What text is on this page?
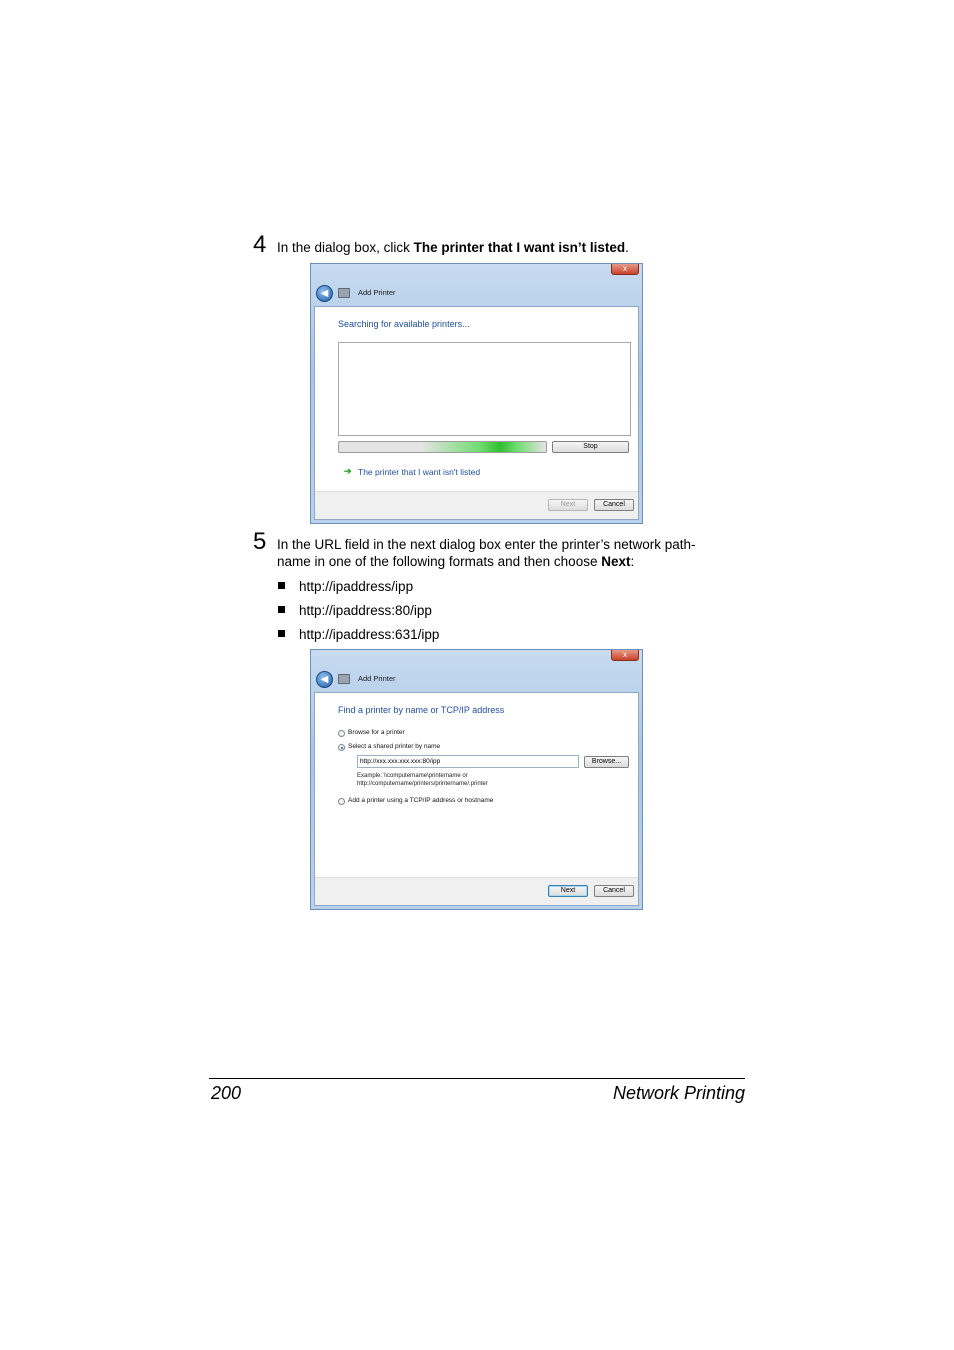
4 In the dialog box, click The printer that I want isn’t listed.
x
◀	Add Printer
Searching for available printers...
Stop
➔ The printer that I want isn't listed
Next	Cancel
5 In the URL field in the next dialog box enter the printer’s network path-
name in one of the following formats and then choose Next:
http://ipaddress/ipp
http://ipaddress:80/ipp
http://ipaddress:631/ipp
x
◀	Add Printer
Find a printer by name or TCP/IP address
Browse for a printer
Select a shared printer by name
http://xxx.xxx.xxx.xxx:80/ipp	Browse...
Example: \\computername\printername or
http://computername/printers/printername/.printer
Add a printer using a TCP/IP address or hostname
Next	Cancel
200	Network Printing
